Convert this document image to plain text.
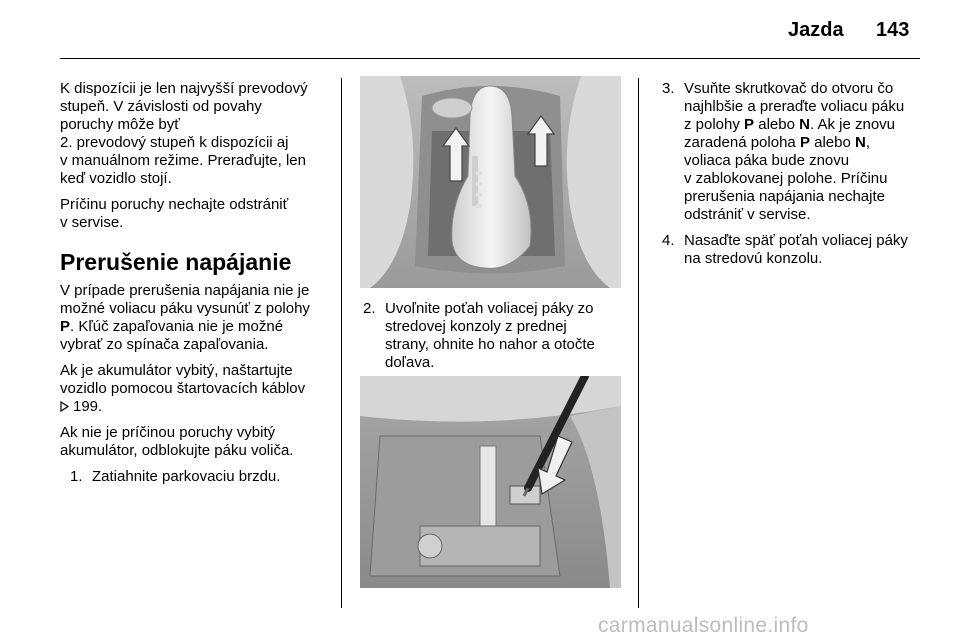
Jazda 143

K dispozícii je len najvyšší prevodový
stupeň. V závislosti od povahy
poruchy môže byť
2. prevodový stupeň k dispozícii aj
v manuálnom režime. Preraďujte, len
keď vozidlo stojí.

Príčinu poruchy nechajte odstrániť
v servise.

Prerušenie napájanie

V prípade prerušenia napájania nie je
možné voliacu páku vysunúť z polohy
P. Kľúč zapaľovania nie je možné
vybrať zo spínača zapaľovania.

Ak je akumulátor vybitý, naštartujte
vozidlo pomocou štartovacích káblov
199.

Ak nie je príčinou poruchy vybitý
akumulátor, odblokujte páku voliča.

1. Zatiahnite parkovaciu brzdu.
2. Uvoľnite poťah voliacej páky zo
stredovej konzoly z prednej
strany, ohnite ho nahor a otočte
doľava.
3. Vsuňte skrutkovač do otvoru čo
najhlbšie a preraďte voliacu páku
z polohy P alebo N. Ak je znovu
zaradená poloha P alebo N,
voliaca páka bude znovu
v zablokovanej polohe. Príčinu
prerušenia napájania nechajte
odstrániť v servise.
4. Nasaďte späť poťah voliacej páky
na stredovú konzolu.
carmanualsonline.info
